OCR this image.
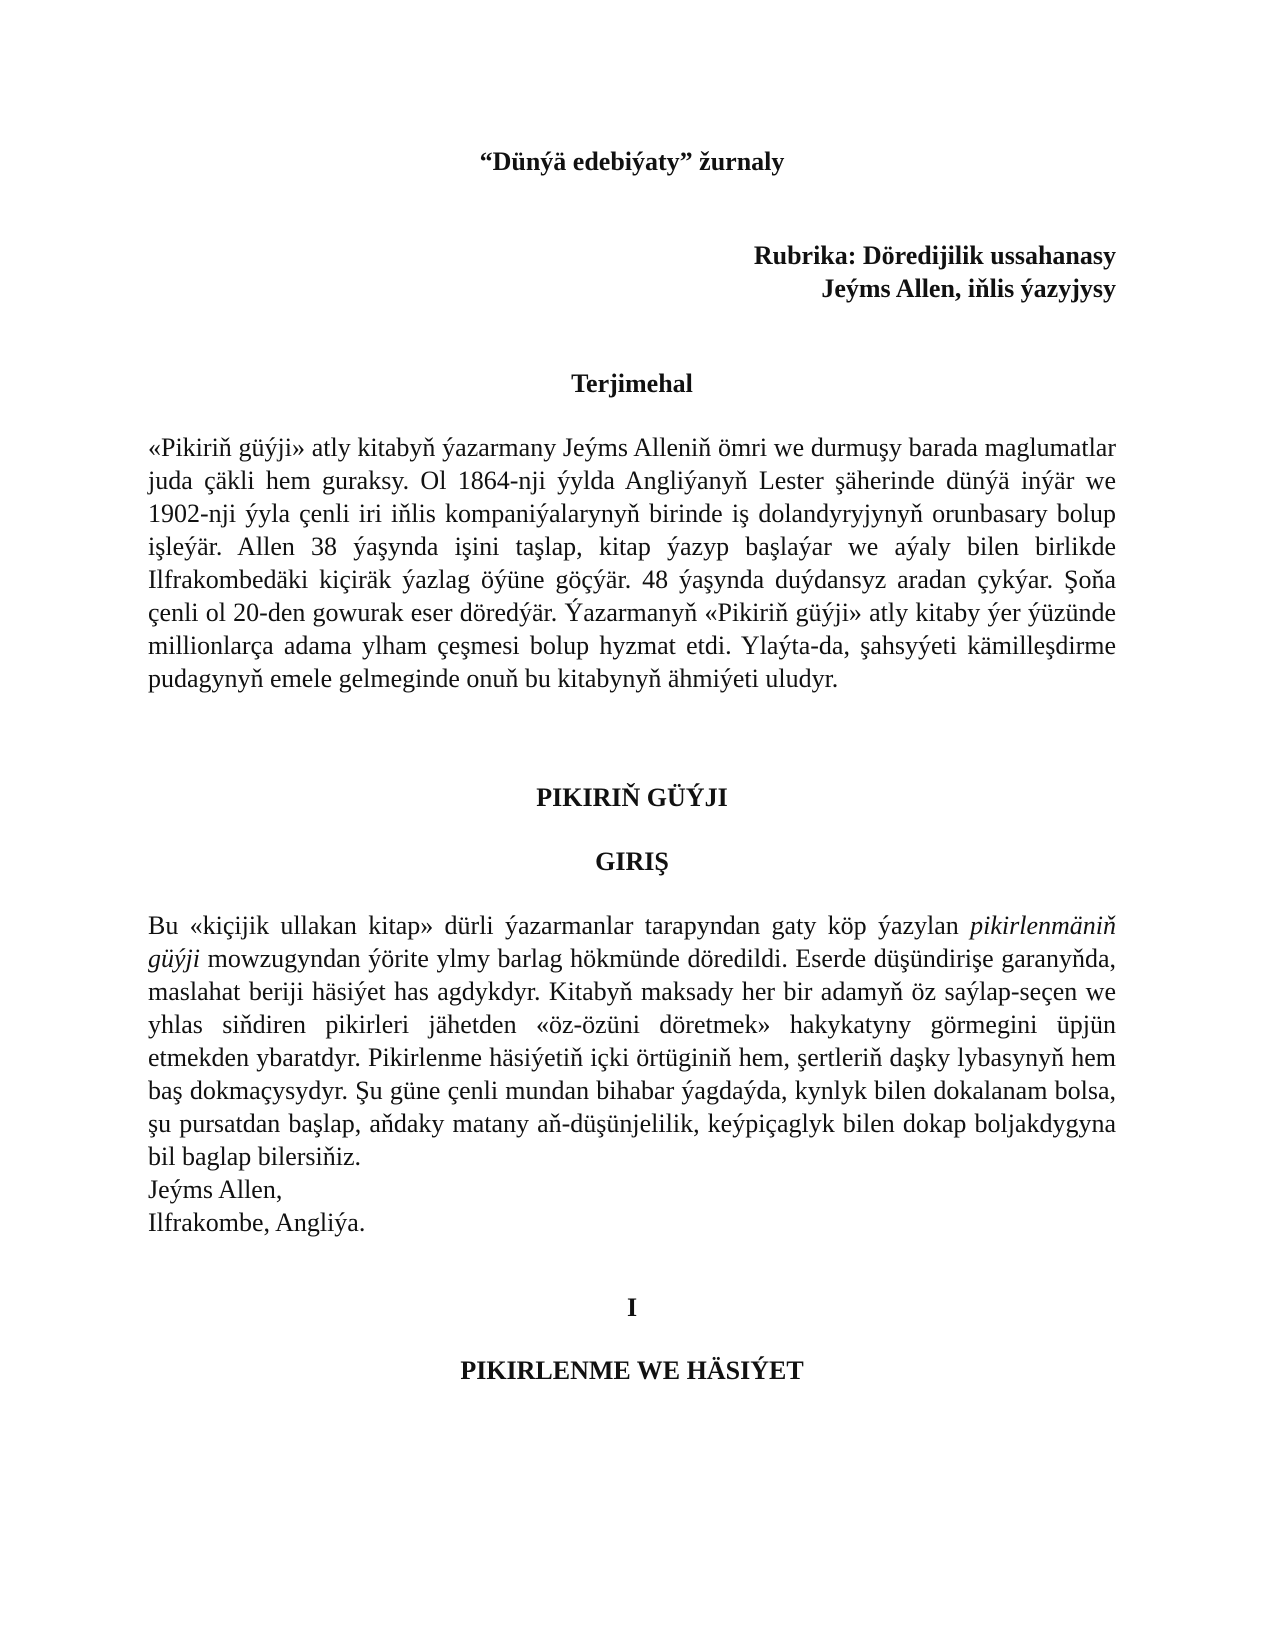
“Dünýä edebiýaty” žurnaly

Rubrika: Döredijilik ussahanasy

Jeýms Allen, iňlis ýazyjysy

Terjimehal

«Pikiriň güýji» atly kitabyň ýazarmany Jeýms Alleniň ömri we durmuşy barada maglumatlar juda çäkli hem guraksy. Ol 1864-nji ýylda Angliýanyň Lester şäherinde dünýä inýär we 1902-nji ýyla çenli iri iňlis kompaniýalarynyň birinde iş dolandyryjynyň orunbasary bolup işleýär. Allen 38 ýaşynda işini taşlap, kitap ýazyp başlaýar we aýaly bilen birlikde Ilfrakombedäki kiçiräk ýazlag öýüne göçýär. 48 ýaşynda duýdansyz aradan çykýar. Şoňa çenli ol 20-den gowurak eser döredýär. Ýazarmanyň «Pikiriň güýji» atly kitaby ýer ýüzünde millionlarça adama ylham çeşmesi bolup hyzmat etdi. Ylaýta-da, şahsyýeti kämilleşdirme pudagynyň emele gelmeginde onuň bu kitabynyň ähmiýeti uludyr.

PIKIRIŇ GÜÝJI
GIRIŞ

Bu «kiçijik ullakan kitap» dürli ýazarmanlar tarapyndan gaty köp ýazylan pikirlenmäniň güýji mowzugyndan ýörite ylmy barlag hökmünde döredildi. Eserde düşündirişe garanyňda, maslahat beriji häsiýet has agdykdyr. Kitabyň maksady her bir adamyň öz saýlap-seçen we yhlas siňdiren pikirleri jähetden «öz-özüni döretmek» hakykatyny görmegini üpjün etmekden ybaratdyr. Pikirlenme häsiýetiň içki örtüginiň hem, şertleriň daşky lybasynyň hem baş dokmaçysydyr. Şu güne çenli mundan bihabar ýagdaýda, kynlyk bilen dokalanam bolsa, şu pursatdan başlap, aňdaky matany aň-düşünjelilik, keýpiçaglyk bilen dokap boljakdygyna bil baglap bilersiňiz.

Jeýms Allen,

Ilfrakombe, Angliýa.

I
PIKIRLENME WE HÄSIÝET
